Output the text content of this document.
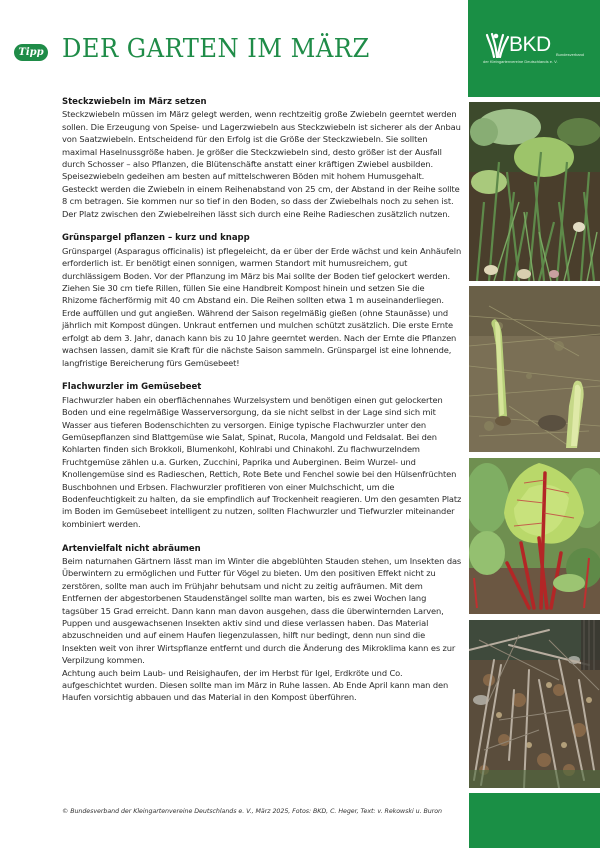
Tipp DER GARTEN IM MÄRZ
Steckzwiebeln im März setzen

Steckzwiebeln müssen im März gelegt werden, wenn rechtzeitig große Zwiebeln geerntet werden sollen. Die Erzeugung von Speise- und Lagerzwiebeln aus Steckzwiebeln ist sicherer als der Anbau von Saatzwiebeln. Entscheidend für den Erfolg ist die Größe der Steckzwiebeln. Sie sollten maximal Haselnussgröße haben. Je größer die Steckzwiebeln sind, desto größer ist der Ausfall durch Schosser – also Pflanzen, die Blütenschäfte anstatt einer kräftigen Zwiebel ausbilden. Speisezwiebeln gedeihen am besten auf mittelschweren Böden mit hohem Humusgehalt. Gesteckt werden die Zwiebeln in einem Reihenabstand von 25 cm, der Abstand in der Reihe sollte 8 cm betragen. Sie kommen nur so tief in den Boden, so dass der Zwiebelhals noch zu sehen ist. Der Platz zwischen den Zwiebelreihen lässt sich durch eine Reihe Radieschen zusätzlich nutzen.

Grünspargel pflanzen – kurz und knapp

Grünspargel (Asparagus officinalis) ist pflegeleicht, da er über der Erde wächst und kein Anhäufeln erforderlich ist. Er benötigt einen sonnigen, warmen Standort mit humusreichem, gut durchlässigem Boden. Vor der Pflanzung im März bis Mai sollte der Boden tief gelockert werden. Ziehen Sie 30 cm tiefe Rillen, füllen Sie eine Handbreit Kompost hinein und setzen Sie die Rhizome fächerförmig mit 40 cm Abstand ein. Die Reihen sollten etwa 1 m auseinanderliegen. Erde auffüllen und gut angießen. Während der Saison regelmäßig gießen (ohne Staunässe) und jährlich mit Kompost düngen. Unkraut entfernen und mulchen schützt zusätzlich. Die erste Ernte erfolgt ab dem 3. Jahr, danach kann bis zu 10 Jahre geerntet werden. Nach der Ernte die Pflanzen wachsen lassen, damit sie Kraft für die nächste Saison sammeln. Grünspargel ist eine lohnende, langfristige Bereicherung fürs Gemüsebeet!

Flachwurzler im Gemüsebeet

Flachwurzler haben ein oberflächennahes Wurzelsystem und benötigen einen gut gelockerten Boden und eine regelmäßige Wasserversorgung, da sie nicht selbst in der Lage sind sich mit Wasser aus tieferen Bodenschichten zu versorgen. Einige typische Flachwurzler unter den Gemüsepflanzen sind Blattgemüse wie Salat, Spinat, Rucola, Mangold und Feldsalat. Bei den Kohlarten finden sich Brokkoli, Blumenkohl, Kohlrabi und Chinakohl. Zu flachwurzelndem Fruchtgemüse zählen u.a. Gurken, Zucchini, Paprika und Auberginen. Beim Wurzel- und Knollengemüse sind es Radieschen, Rettich, Rote Bete und Fenchel sowie bei den Hülsenfrüchten Buschbohnen und Erbsen. Flachwurzler profitieren von einer Mulchschicht, um die Bodenfeuchtigkeit zu halten, da sie empfindlich auf Trockenheit reagieren. Um den gesamten Platz im Boden im Gemüsebeet intelligent zu nutzen, sollten Flachwurzler und Tiefwurzler miteinander kombiniert werden.

Artenvielfalt nicht abräumen

Beim naturnahen Gärtnern lässt man im Winter die abgeblühten Stauden stehen, um Insekten das Überwintern zu ermöglichen und Futter für Vögel zu bieten. Um den positiven Effekt nicht zu zerstören, sollte man auch im Frühjahr behutsam und nicht zu zeitig aufräumen. Mit dem Entfernen der abgestorbenen Staudenstängel sollte man warten, bis es zwei Wochen lang tagsüber 15 Grad erreicht. Dann kann man davon ausgehen, dass die überwinternden Larven, Puppen und ausgewachsenen Insekten aktiv sind und diese verlassen haben. Das Material abzuschneiden und auf einem Haufen liegenzulassen, hilft nur bedingt, denn nun sind die Insekten weit von ihrer Wirtspflanze entfernt und durch die Änderung des Mikroklima kann es zur Verpilzung kommen.
Achtung auch beim Laub- und Reisighaufen, der im Herbst für Igel, Erdkröte und Co. aufgeschichtet wurden. Diesen sollte man im März in Ruhe lassen. Ab Ende April kann man den Haufen vorsichtig abbauen und das Material in den Kompost überführen.

© Bundesverband der Kleingartenvereine Deutschlands e. V., März 2025, Fotos: BKD, C. Heger, Text: v. Rekowski u. Buron
BKD Bundesverband
der Kleingartenvereine Deutschlands e. V.
